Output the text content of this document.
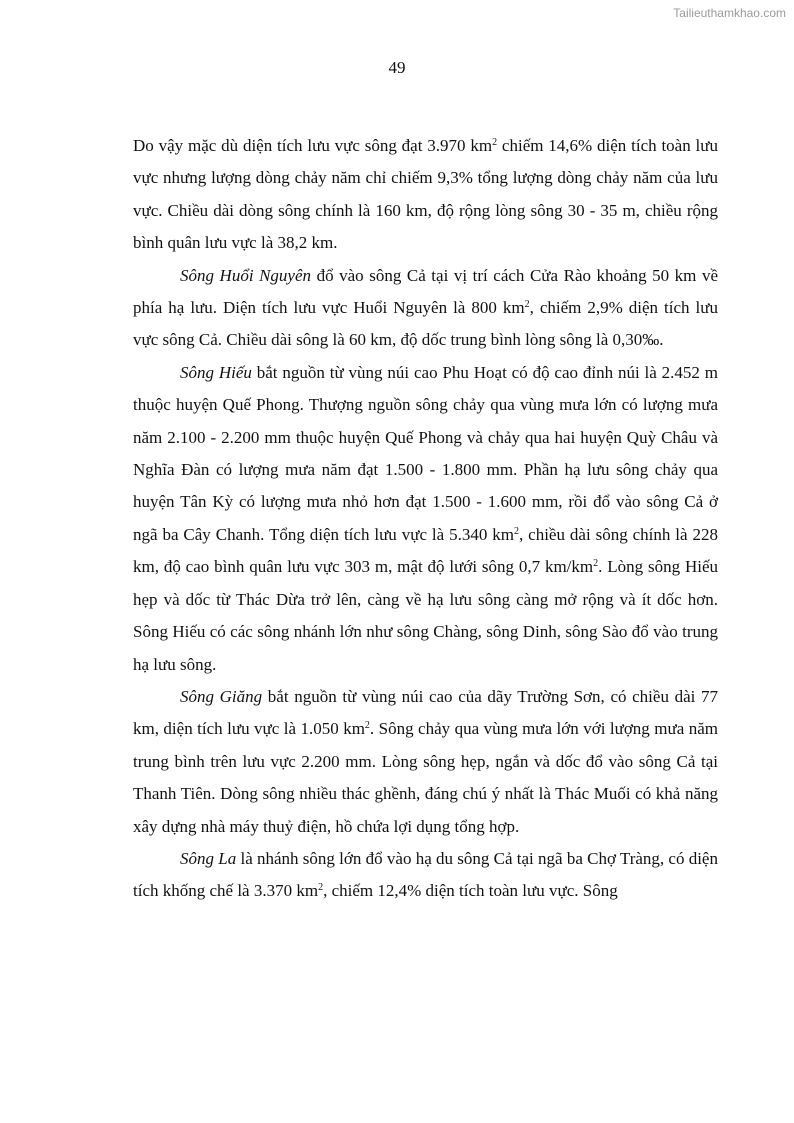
Tailieuthamkhao.com
49

Do vậy mặc dù diện tích lưu vực sông đạt 3.970 $km^2$ chiếm 14,6% diện tích toàn lưu vực nhưng lượng dòng chảy năm chỉ chiếm 9,3% tổng lượng dòng chảy năm của lưu vực. Chiều dài dòng sông chính là 160 km, độ rộng lòng sông 30 - 35 m, chiều rộng bình quân lưu vực là 38,2 km.

Sông Huổi Nguyên đổ vào sông Cả tại vị trí cách Cửa Rào khoảng 50 km về phía hạ lưu. Diện tích lưu vực Huổi Nguyên là 800 $km^2$, chiếm 2,9% diện tích lưu vực sông Cả. Chiều dài sông là 60 km, độ dốc trung bình lòng sông là 0,30‰.

Sông Hiếu bắt nguồn từ vùng núi cao Phu Hoạt có độ cao đỉnh núi là 2.452 m thuộc huyện Quế Phong. Thượng nguồn sông chảy qua vùng mưa lớn có lượng mưa năm 2.100 - 2.200 mm thuộc huyện Quế Phong và chảy qua hai huyện Quỳ Châu và Nghĩa Đàn có lượng mưa năm đạt 1.500 - 1.800 mm. Phần hạ lưu sông chảy qua huyện Tân Kỳ có lượng mưa nhỏ hơn đạt 1.500 - 1.600 mm, rồi đổ vào sông Cả ở ngã ba Cây Chanh. Tổng diện tích lưu vực là 5.340 $km^2$, chiều dài sông chính là 228 km, độ cao bình quân lưu vực 303 m, mật độ lưới sông 0,7 $km/km^2$. Lòng sông Hiếu hẹp và dốc từ Thác Dừa trở lên, càng về hạ lưu sông càng mở rộng và ít dốc hơn. Sông Hiếu có các sông nhánh lớn như sông Chàng, sông Dinh, sông Sào đổ vào trung hạ lưu sông.

Sông Giăng bắt nguồn từ vùng núi cao của dãy Trường Sơn, có chiều dài 77 km, diện tích lưu vực là 1.050 $km^2$. Sông chảy qua vùng mưa lớn với lượng mưa năm trung bình trên lưu vực 2.200 mm. Lòng sông hẹp, ngắn và dốc đổ vào sông Cả tại Thanh Tiên. Dòng sông nhiều thác ghềnh, đáng chú ý nhất là Thác Muối có khả năng xây dựng nhà máy thuỷ điện, hồ chứa lợi dụng tổng hợp.

Sông La là nhánh sông lớn đổ vào hạ du sông Cả tại ngã ba Chợ Tràng, có diện tích khống chế là 3.370 $km^2$, chiếm 12,4% diện tích toàn lưu vực. Sông
